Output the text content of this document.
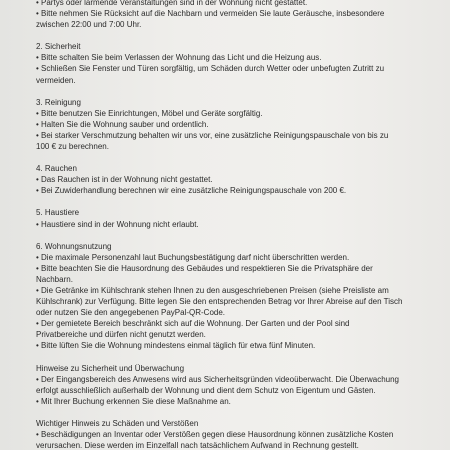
• Partys oder lärmende Veranstaltungen sind in der Wohnung nicht gestattet.

• Bitte nehmen Sie Rücksicht auf die Nachbarn und vermeiden Sie laute Geräusche, insbesondere

zwischen 22:00 und 7:00 Uhr.

2. Sicherheit

• Bitte schalten Sie beim Verlassen der Wohnung das Licht und die Heizung aus.

• Schließen Sie Fenster und Türen sorgfältig, um Schäden durch Wetter oder unbefugten Zutritt zu

vermeiden.

3. Reinigung

• Bitte benutzen Sie Einrichtungen, Möbel und Geräte sorgfältig.

• Halten Sie die Wohnung sauber und ordentlich.

• Bei starker Verschmutzung behalten wir uns vor, eine zusätzliche Reinigungspauschale von bis zu

100 € zu berechnen.

4. Rauchen

• Das Rauchen ist in der Wohnung nicht gestattet.

• Bei Zuwiderhandlung berechnen wir eine zusätzliche Reinigungspauschale von 200 €.

5. Haustiere

• Haustiere sind in der Wohnung nicht erlaubt.

6. Wohnungsnutzung

• Die maximale Personenzahl laut Buchungsbestätigung darf nicht überschritten werden.

• Bitte beachten Sie die Hausordnung des Gebäudes und respektieren Sie die Privatsphäre der

Nachbarn.

• Die Getränke im Kühlschrank stehen Ihnen zu den ausgeschriebenen Preisen (siehe Preisliste am

Kühlschrank) zur Verfügung. Bitte legen Sie den entsprechenden Betrag vor Ihrer Abreise auf den Tisch

oder nutzen Sie den angegebenen PayPal-QR-Code.

• Der gemietete Bereich beschränkt sich auf die Wohnung. Der Garten und der Pool sind

Privatbereiche und dürfen nicht genutzt werden.

• Bitte lüften Sie die Wohnung mindestens einmal täglich für etwa fünf Minuten.

Hinweise zu Sicherheit und Überwachung

• Der Eingangsbereich des Anwesens wird aus Sicherheitsgründen videoüberwacht. Die Überwachung

erfolgt ausschließlich außerhalb der Wohnung und dient dem Schutz von Eigentum und Gästen.

• Mit Ihrer Buchung erkennen Sie diese Maßnahme an.

Wichtiger Hinweis zu Schäden und Verstößen

• Beschädigungen an Inventar oder Verstößen gegen diese Hausordnung können zusätzliche Kosten

verursachen. Diese werden im Einzelfall nach tatsächlichem Aufwand in Rechnung gestellt.
